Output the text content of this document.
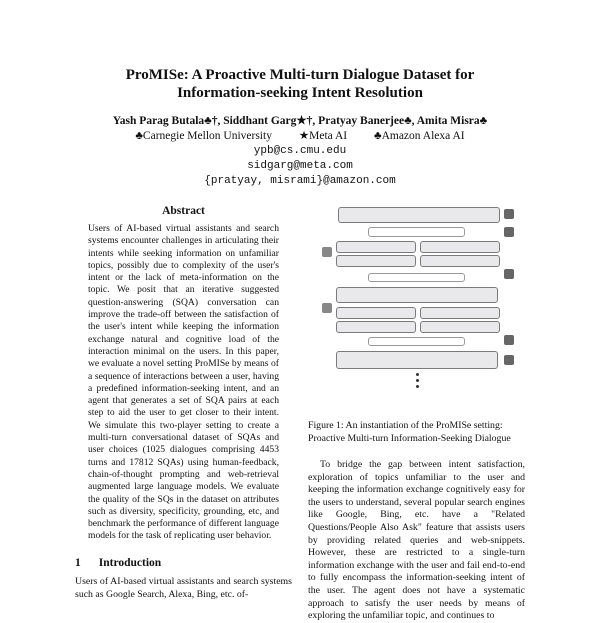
ProMISe: A Proactive Multi-turn Dialogue Dataset for
Information-seeking Intent Resolution
Yash Parag Butala♣†, Siddhant Garg★†, Pratyay Banerjee♣, Amita Misra♣
♣Carnegie Mellon University ★Meta AI ♣Amazon Alexa AI
ypb@cs.cmu.edu
sidgarg@meta.com
{pratyay, misrami}@amazon.com
Abstract
Users of AI-based virtual assistants and search systems encounter challenges in articulating their intents while seeking information on unfamiliar topics, possibly due to complexity of the user's intent or the lack of meta-information on the topic. We posit that an iterative suggested question-answering (SQA) conversation can improve the trade-off between the satisfaction of the user's intent while keeping the information exchange natural and cognitive load of the interaction minimal on the users. In this paper, we evaluate a novel setting ProMISe by means of a sequence of interactions between a user, having a predefined information-seeking intent, and an agent that generates a set of SQA pairs at each step to aid the user to get closer to their intent. We simulate this two-player setting to create a multi-turn conversational dataset of SQAs and user choices (1025 dialogues comprising 4453 turns and 17812 SQAs) using human-feedback, chain-of-thought prompting and web-retrieval augmented large language models. We evaluate the quality of the SQs in the dataset on attributes such as diversity, specificity, grounding, etc, and benchmark the performance of different language models for the task of replicating user behavior.
1 Introduction
Users of AI-based virtual assistants and search systems such as Google Search, Alexa, Bing, etc. of-
Figure 1: An instantiation of the ProMISe setting: Proactive Multi-turn Information-Seeking Dialogue
To bridge the gap between intent satisfaction, exploration of topics unfamiliar to the user and keeping the information exchange cognitively easy for the users to understand, several popular search engines like Google, Bing, etc. have a "Related Questions/People Also Ask" feature that assists users by providing related queries and web-snippets. However, these are restricted to a single-turn information exchange with the user and fail end-to-end to fully encompass the information-seeking intent of the user. The agent does not have a systematic approach to satisfy the user needs by means of exploring the unfamiliar topic, and continues to
